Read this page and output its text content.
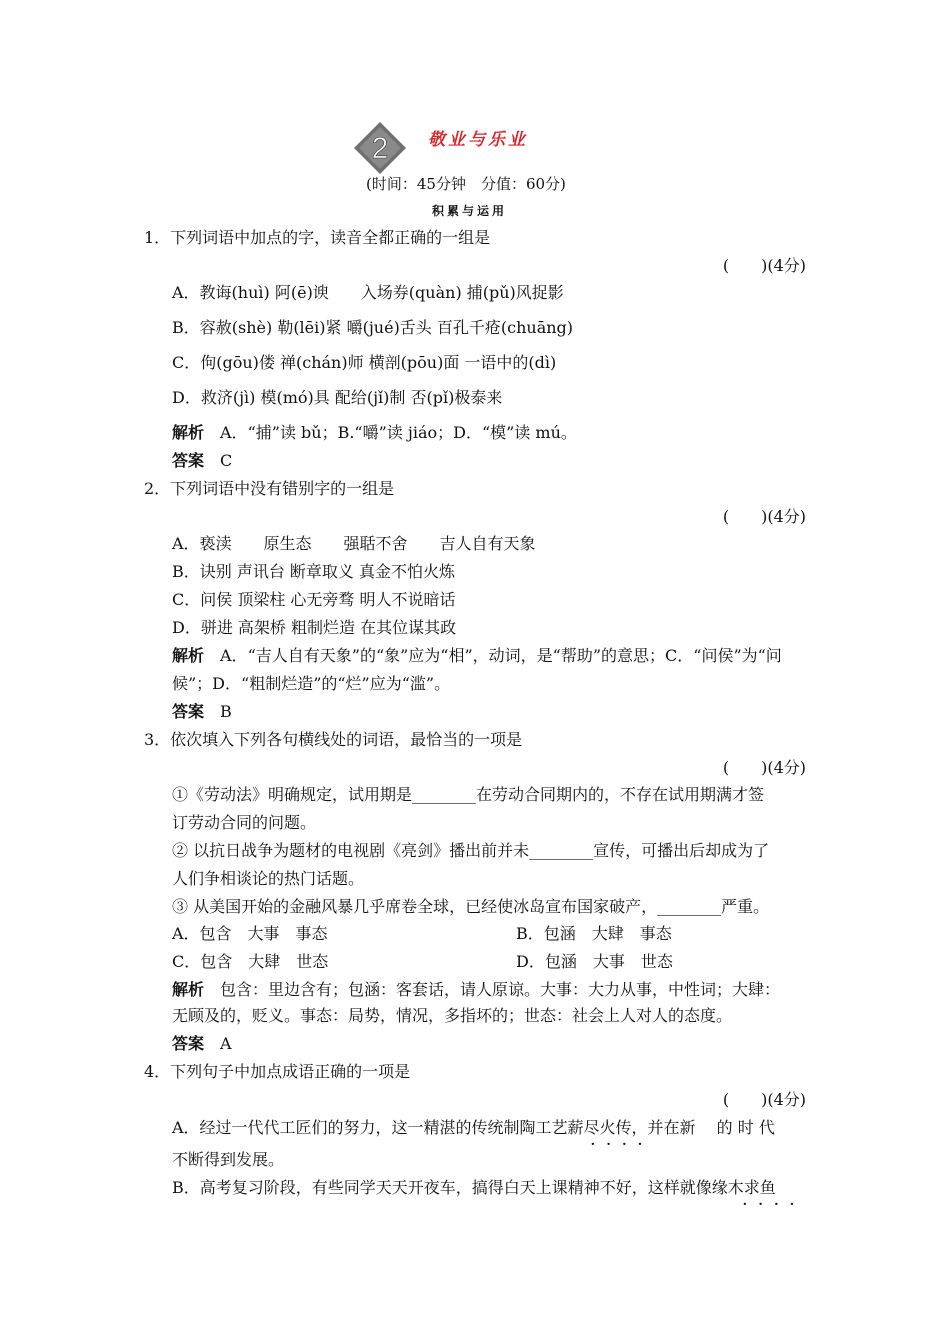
2 敬业与乐业
(时间：45分钟　分值：60分)
积累与运用
1．下列词语中加点的字，读音全都正确的一组是
(　　)(4分)
A．教诲(huì) 阿(ē)谀　　入场券(quàn) 捕(pǔ)风捉影
B．容赦(shè) 勒(lēi)紧 嚼(jué)舌头 百孔千疮(chuāng)
C．佝(gōu)偻 禅(chán)师 横剖(pōu)面 一语中的(dì)
D．救济(jì) 模(mó)具 配给(jǐ)制 否(pǐ)极泰来
解析　 A．“捕”读 bǔ；B.“嚼”读 jiáo；D．“模”读 mú。
答案　 C
2．下列词语中没有错别字的一组是
(　　)(4分)
A．亵渎　　原生态　　强聒不舍　　吉人自有天象
B．诀别 声讯台 断章取义 真金不怕火炼
C．问侯 顶梁柱 心无旁骛 明人不说暗话
D．骈进 高架桥 粗制烂造 在其位谋其政
解析　 A．“吉人自有天象”的“象”应为“相”，动词，是“帮助”的意思；C．“问侯”为“问
候”；D．“粗制烂造”的“烂”应为“滥”。
答案　 B
3．依次填入下列各句横线处的词语，最恰当的一项是
(　　)(4分)
①《劳动法》明确规定，试用期是________在劳动合同期内的，不存在试用期满才签
订劳动合同的问题。
② 以抗日战争为题材的电视剧《亮剑》播出前并未________宣传，可播出后却成为了
人们争相谈论的热门话题。
③ 从美国开始的金融风暴几乎席卷全球，已经使冰岛宣布国家破产，________严重。
A．包含　大事　事态	B．包涵　大肆　事态
C．包含　大肆　世态	D．包涵　大事　世态
解析　 包含：里边含有；包涵：客套话，请人原谅。大事：大力从事，中性词；大肆：
无顾及的，贬义。事态：局势，情况，多指坏的；世态：社会上人对人的态度。
答案　 A
4．下列句子中加点成语正确的一项是
(　　)(4分)
A．经过一代代工匠们的努力，这一精湛的传统制陶工艺薪尽火传，并在新　 的 时 代
····
不断得到发展。
B．高考复习阶段，有些同学天天开夜车，搞得白天上课精神不好，这样就像缘木求鱼
····
